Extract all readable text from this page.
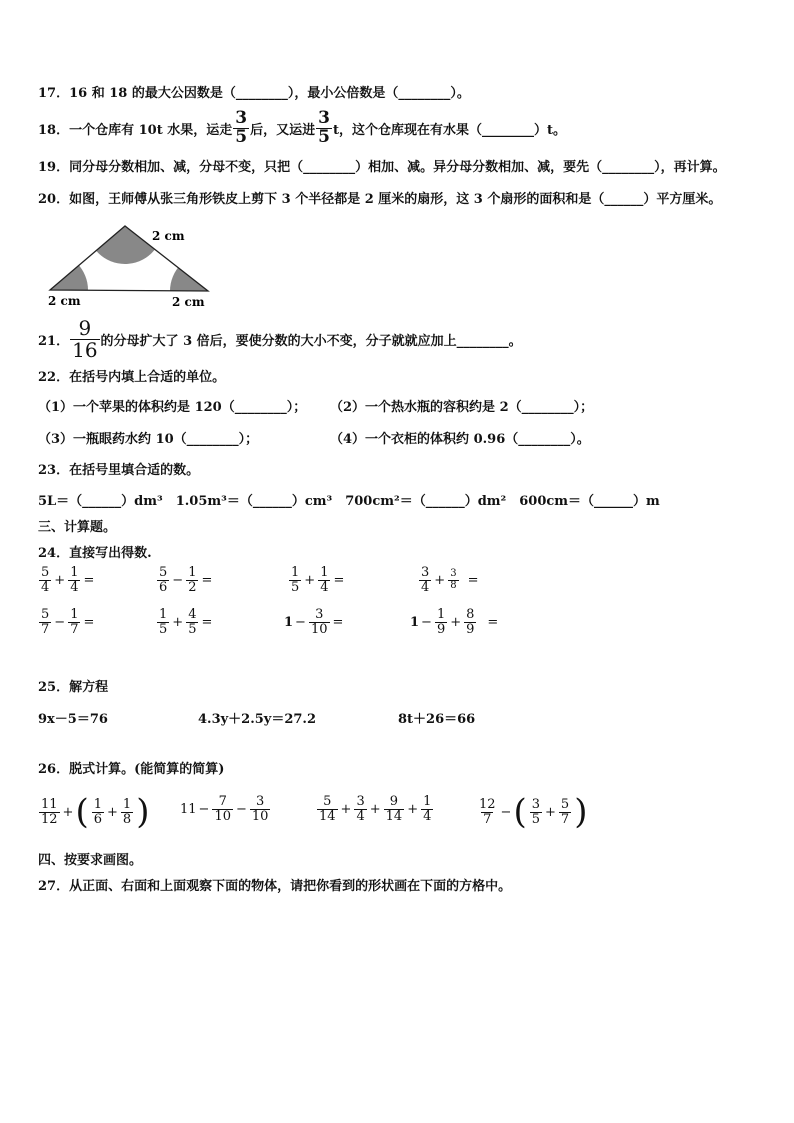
17．16 和 18 的最大公因数是（________），最小公倍数是（________）。
18．一个仓库有 10t 水果，运走 $\frac{3}{5}$ 后，又运进 $\frac{3}{5}$ t，这个仓库现在有水果（________）t。
19．同分母分数相加、减，分母不变，只把（________）相加、减。异分母分数相加、减，要先（________），再计算。
20．如图，王师傅从张三角形铁皮上剪下 3 个半径都是 2 厘米的扇形，这 3 个扇形的面积和是（______）平方厘米。
2 cm
2 cm	2 cm
21． $\frac{9}{16}$ 的分母扩大了 3 倍后，要使分数的大小不变，分子就就应加上________。
22．在括号内填上合适的单位。
（1）一个苹果的体积约是 120（________）； （2）一个热水瓶的容积约是 2（________）；
（3）一瓶眼药水约 10（________）；	（4）一个衣柜的体积约 0.96（________）。
23．在括号里填合适的数。
5L＝（______）dm³　1.05m³＝（______）cm³　700cm²＝（______）dm²　600cm＝（______）m
三、计算题。
24．直接写出得数.
$\frac{5}{4} + \frac{1}{4}$ =	$\frac{5}{6} - \frac{1}{2}$ =	$\frac{1}{5} + \frac{1}{4}$ =	$\frac{3}{4} + \frac{3}{8}$ =
$\frac{5}{7} - \frac{1}{7}$ =	$\frac{1}{5} + \frac{4}{5}$ =	$1 - \frac{3}{10}$ =	$1 - \frac{1}{9} + \frac{8}{9}$ =
25．解方程
9x－5＝76	4.3y＋2.5y＝27.2	8t＋26＝66
26．脱式计算。(能简算的简算)
$\frac{11}{12}$ + ( $\frac{1}{6} + \frac{1}{8}$ ) $11 - \frac{7}{10} - \frac{3}{10}$	$\frac{5}{14} + \frac{3}{4} + \frac{9}{14} + \frac{1}{4}$	$\frac{12}{7}$ − ( $\frac{3}{5} + \frac{5}{7}$ )
四、按要求画图。
27．从正面、右面和上面观察下面的物体，请把你看到的形状画在下面的方格中。
